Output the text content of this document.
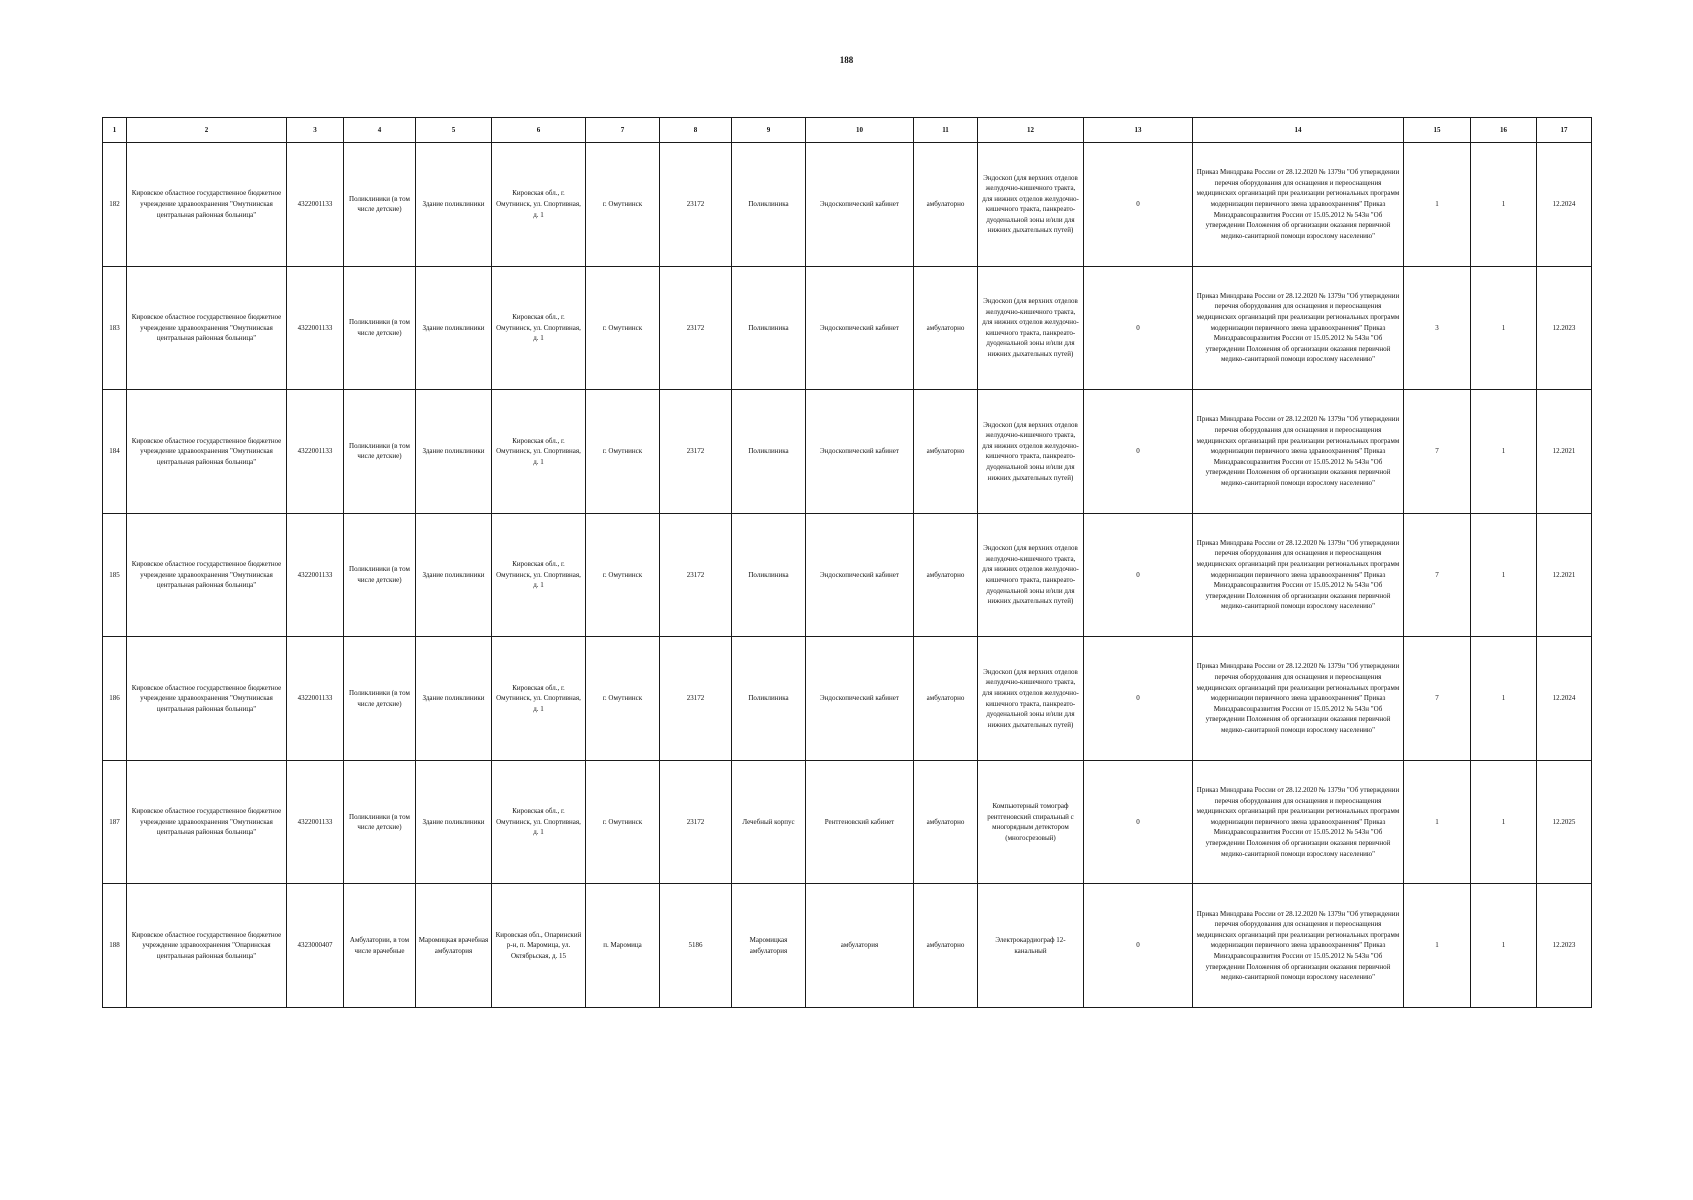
188
1	2	3	4	5	6	7	8	9	10	11	12	13	14	15	16	17
182	Кировское областное государственное бюджетное учреждение здравоохранения "Омутнинская центральная районная больница"	4322001133	Поликлиники (в том числе детские)	Здание поликлиники	Кировская обл., г. Омутнинск, ул. Спортивная, д. 1	г. Омутнинск	23172	Поликлиника	Эндоскопический кабинет	амбулаторно	Эндоскоп (для верхних отделов желудочно-кишечного тракта, для нижних отделов желудочно-кишечного тракта, панкреато-дуоденальной зоны и/или для нижних дыхательных путей)	0	Приказ Минздрава России от 28.12.2020 № 1379н "Об утверждении перечня оборудования для оснащения и переоснащения медицинских организаций при реализации региональных программ модернизации первичного звена здравоохранения" Приказ Минздравсоцразвития России от 15.05.2012 № 543н "Об утверждении Положения об организации оказания первичной медико-санитарной помощи взрослому населению"	1	1	12.2024
183	Кировское областное государственное бюджетное учреждение здравоохранения "Омутнинская центральная районная больница"	4322001133	Поликлиники (в том числе детские)	Здание поликлиники	Кировская обл., г. Омутнинск, ул. Спортивная, д. 1	г. Омутнинск	23172	Поликлиника	Эндоскопический кабинет	амбулаторно	Эндоскоп (для верхних отделов желудочно-кишечного тракта, для нижних отделов желудочно-кишечного тракта, панкреато-дуоденальной зоны и/или для нижних дыхательных путей)	0	Приказ Минздрава России от 28.12.2020 № 1379н "Об утверждении перечня оборудования для оснащения и переоснащения медицинских организаций при реализации региональных программ модернизации первичного звена здравоохранения" Приказ Минздравсоцразвития России от 15.05.2012 № 543н "Об утверждении Положения об организации оказания первичной медико-санитарной помощи взрослому населению"	3	1	12.2023
184	Кировское областное государственное бюджетное учреждение здравоохранения "Омутнинская центральная районная больница"	4322001133	Поликлиники (в том числе детские)	Здание поликлиники	Кировская обл., г. Омутнинск, ул. Спортивная, д. 1	г. Омутнинск	23172	Поликлиника	Эндоскопический кабинет	амбулаторно	Эндоскоп (для верхних отделов желудочно-кишечного тракта, для нижних отделов желудочно-кишечного тракта, панкреато-дуоденальной зоны и/или для нижних дыхательных путей)	0	Приказ Минздрава России от 28.12.2020 № 1379н "Об утверждении перечня оборудования для оснащения и переоснащения медицинских организаций при реализации региональных программ модернизации первичного звена здравоохранения" Приказ Минздравсоцразвития России от 15.05.2012 № 543н "Об утверждении Положения об организации оказания первичной медико-санитарной помощи взрослому населению"	7	1	12.2021
185	Кировское областное государственное бюджетное учреждение здравоохранения "Омутнинская центральная районная больница"	4322001133	Поликлиники (в том числе детские)	Здание поликлиники	Кировская обл., г. Омутнинск, ул. Спортивная, д. 1	г. Омутнинск	23172	Поликлиника	Эндоскопический кабинет	амбулаторно	Эндоскоп (для верхних отделов желудочно-кишечного тракта, для нижних отделов желудочно-кишечного тракта, панкреато-дуоденальной зоны и/или для нижних дыхательных путей)	0	Приказ Минздрава России от 28.12.2020 № 1379н "Об утверждении перечня оборудования для оснащения и переоснащения медицинских организаций при реализации региональных программ модернизации первичного звена здравоохранения" Приказ Минздравсоцразвития России от 15.05.2012 № 543н "Об утверждении Положения об организации оказания первичной медико-санитарной помощи взрослому населению"	7	1	12.2021
186	Кировское областное государственное бюджетное учреждение здравоохранения "Омутнинская центральная районная больница"	4322001133	Поликлиники (в том числе детские)	Здание поликлиники	Кировская обл., г. Омутнинск, ул. Спортивная, д. 1	г. Омутнинск	23172	Поликлиника	Эндоскопический кабинет	амбулаторно	Эндоскоп (для верхних отделов желудочно-кишечного тракта, для нижних отделов желудочно-кишечного тракта, панкреато-дуоденальной зоны и/или для нижних дыхательных путей)	0	Приказ Минздрава России от 28.12.2020 № 1379н "Об утверждении перечня оборудования для оснащения и переоснащения медицинских организаций при реализации региональных программ модернизации первичного звена здравоохранения" Приказ Минздравсоцразвития России от 15.05.2012 № 543н "Об утверждении Положения об организации оказания первичной медико-санитарной помощи взрослому населению"	7	1	12.2024
187	Кировское областное государственное бюджетное учреждение здравоохранения "Омутнинская центральная районная больница"	4322001133	Поликлиники (в том числе детские)	Здание поликлиники	Кировская обл., г. Омутнинск, ул. Спортивная, д. 1	г. Омутнинск	23172	Лечебный корпус	Рентгеновский кабинет	амбулаторно	Компьютерный томограф рентгеновский спиральный с многорядным детектором (многосрезовый)	0	Приказ Минздрава России от 28.12.2020 № 1379н "Об утверждении перечня оборудования для оснащения и переоснащения медицинских организаций при реализации региональных программ модернизации первичного звена здравоохранения" Приказ Минздравсоцразвития России от 15.05.2012 № 543н "Об утверждении Положения об организации оказания первичной медико-санитарной помощи взрослому населению"	1	1	12.2025
188	Кировское областное государственное бюджетное учреждение здравоохранения "Опаринская центральная районная больница"	4323000407	Амбулатории, в том числе врачебные	Маромицкая врачебная амбулатория	Кировская обл., Опаринский р-н, п. Маромица, ул. Октябрьская, д. 15	п. Маромица	5186	Маромицкая амбулатория	амбулатория	амбулаторно	Электрокардиограф 12-канальный	0	Приказ Минздрава России от 28.12.2020 № 1379н "Об утверждении перечня оборудования для оснащения и переоснащения медицинских организаций при реализации региональных программ модернизации первичного звена здравоохранения" Приказ Минздравсоцразвития России от 15.05.2012 № 543н "Об утверждении Положения об организации оказания первичной медико-санитарной помощи взрослому населению"	1	1	12.2023
